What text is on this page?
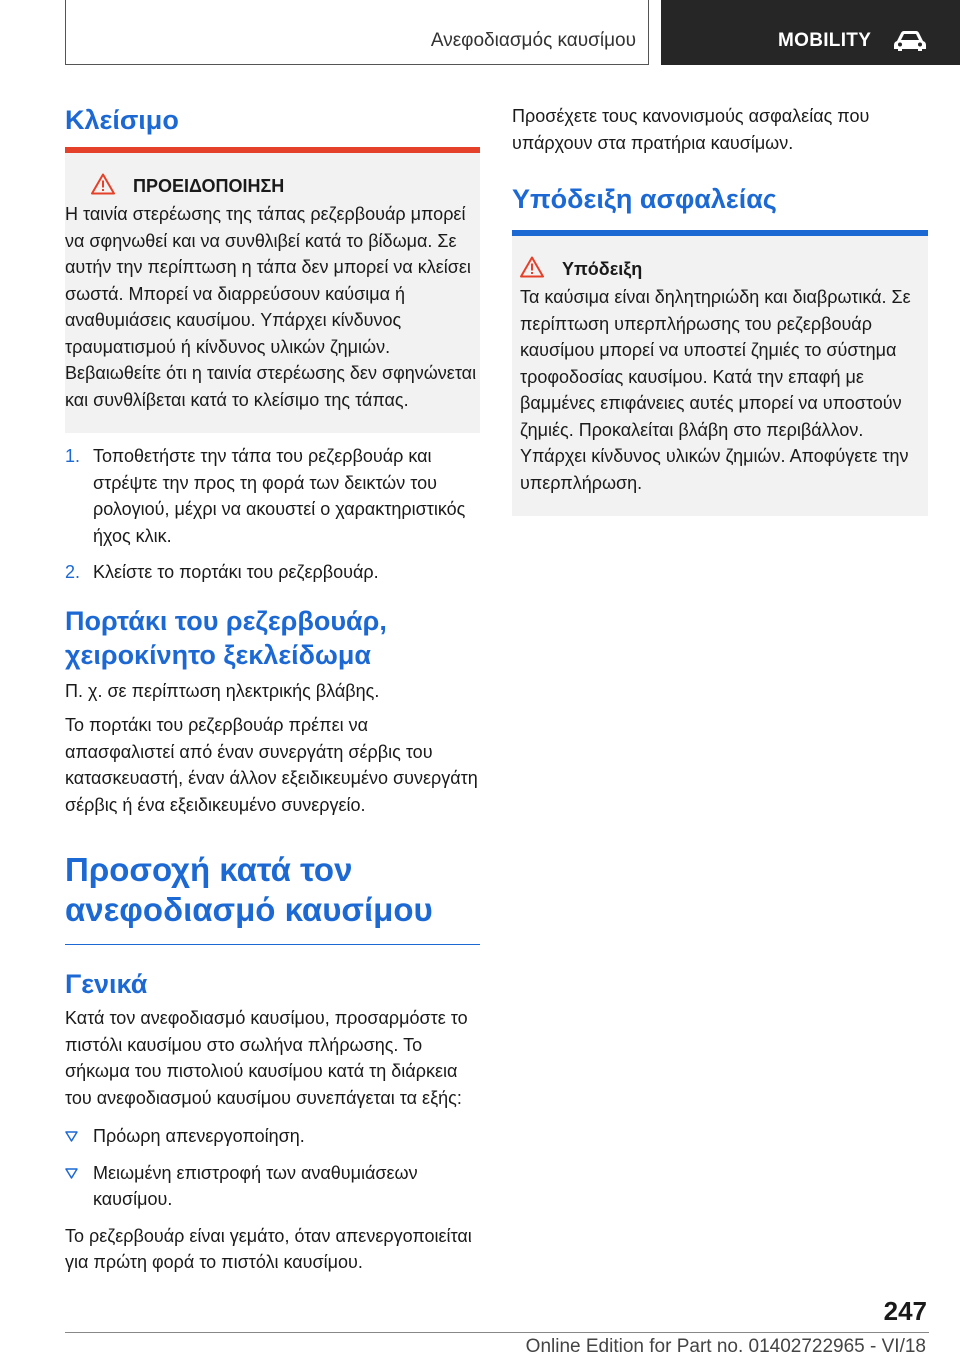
Ανεφοδιασμός καυσίμου	MOBILITY
Κλείσιμο
ΠΡΟΕΙΔΟΠΟΙΗΣΗ

Η ταινία στερέωσης της τάπας ρεζερβουάρ μπορεί να σφηνωθεί και να συνθλιβεί κατά το βίδωμα. Σε αυτήν την περίπτωση η τάπα δεν μπορεί να κλείσει σωστά. Μπορεί να διαρρεύσουν καύσιμα ή αναθυμιάσεις καυσίμου. Υπάρχει κίνδυνος τραυματισμού ή κίνδυνος υλικών ζημιών. Βεβαιωθείτε ότι η ταινία στερέωσης δεν σφηνώνεται και συνθλίβεται κατά το κλείσιμο της τάπας.

1. Τοποθετήστε την τάπα του ρεζερβουάρ και στρέψτε την προς τη φορά των δεικτών του ρολογιού, μέχρι να ακουστεί ο χαρακτηριστικός ήχος κλικ.
2. Κλείστε το πορτάκι του ρεζερβουάρ.
Πορτάκι του ρεζερβουάρ, χειροκίνητο ξεκλείδωμα

Π. χ. σε περίπτωση ηλεκτρικής βλάβης.

Το πορτάκι του ρεζερβουάρ πρέπει να απασφαλιστεί από έναν συνεργάτη σέρβις του κατασκευαστή, έναν άλλον εξειδικευμένο συνεργάτη σέρβις ή ένα εξειδικευμένο συνεργείο.

Προσοχή κατά τον ανεφοδιασμό καυσίμου
Γενικά

Κατά τον ανεφοδιασμό καυσίμου, προσαρμόστε το πιστόλι καυσίμου στο σωλήνα πλήρωσης. Το σήκωμα του πιστολιού καυσίμου κατά τη διάρκεια του ανεφοδιασμού καυσίμου συνεπάγεται τα εξής:

Πρόωρη απενεργοποίηση.
Μειωμένη επιστροφή των αναθυμιάσεων καυσίμου.

Το ρεζερβουάρ είναι γεμάτο, όταν απενεργοποιείται για πρώτη φορά το πιστόλι καυσίμου.

Προσέχετε τους κανονισμούς ασφαλείας που υπάρχουν στα πρατήρια καυσίμων.

Υπόδειξη ασφαλείας
Υπόδειξη

Τα καύσιμα είναι δηλητηριώδη και διαβρωτικά. Σε περίπτωση υπερπλήρωσης του ρεζερβουάρ καυσίμου μπορεί να υποστεί ζημιές το σύστημα τροφοδοσίας καυσίμου. Κατά την επαφή με βαμμένες επιφάνειες αυτές μπορεί να υποστούν ζημιές. Προκαλείται βλάβη στο περιβάλλον. Υπάρχει κίνδυνος υλικών ζημιών. Αποφύγετε την υπερπλήρωση.

247
Online Edition for Part no. 01402722965 - VI/18
